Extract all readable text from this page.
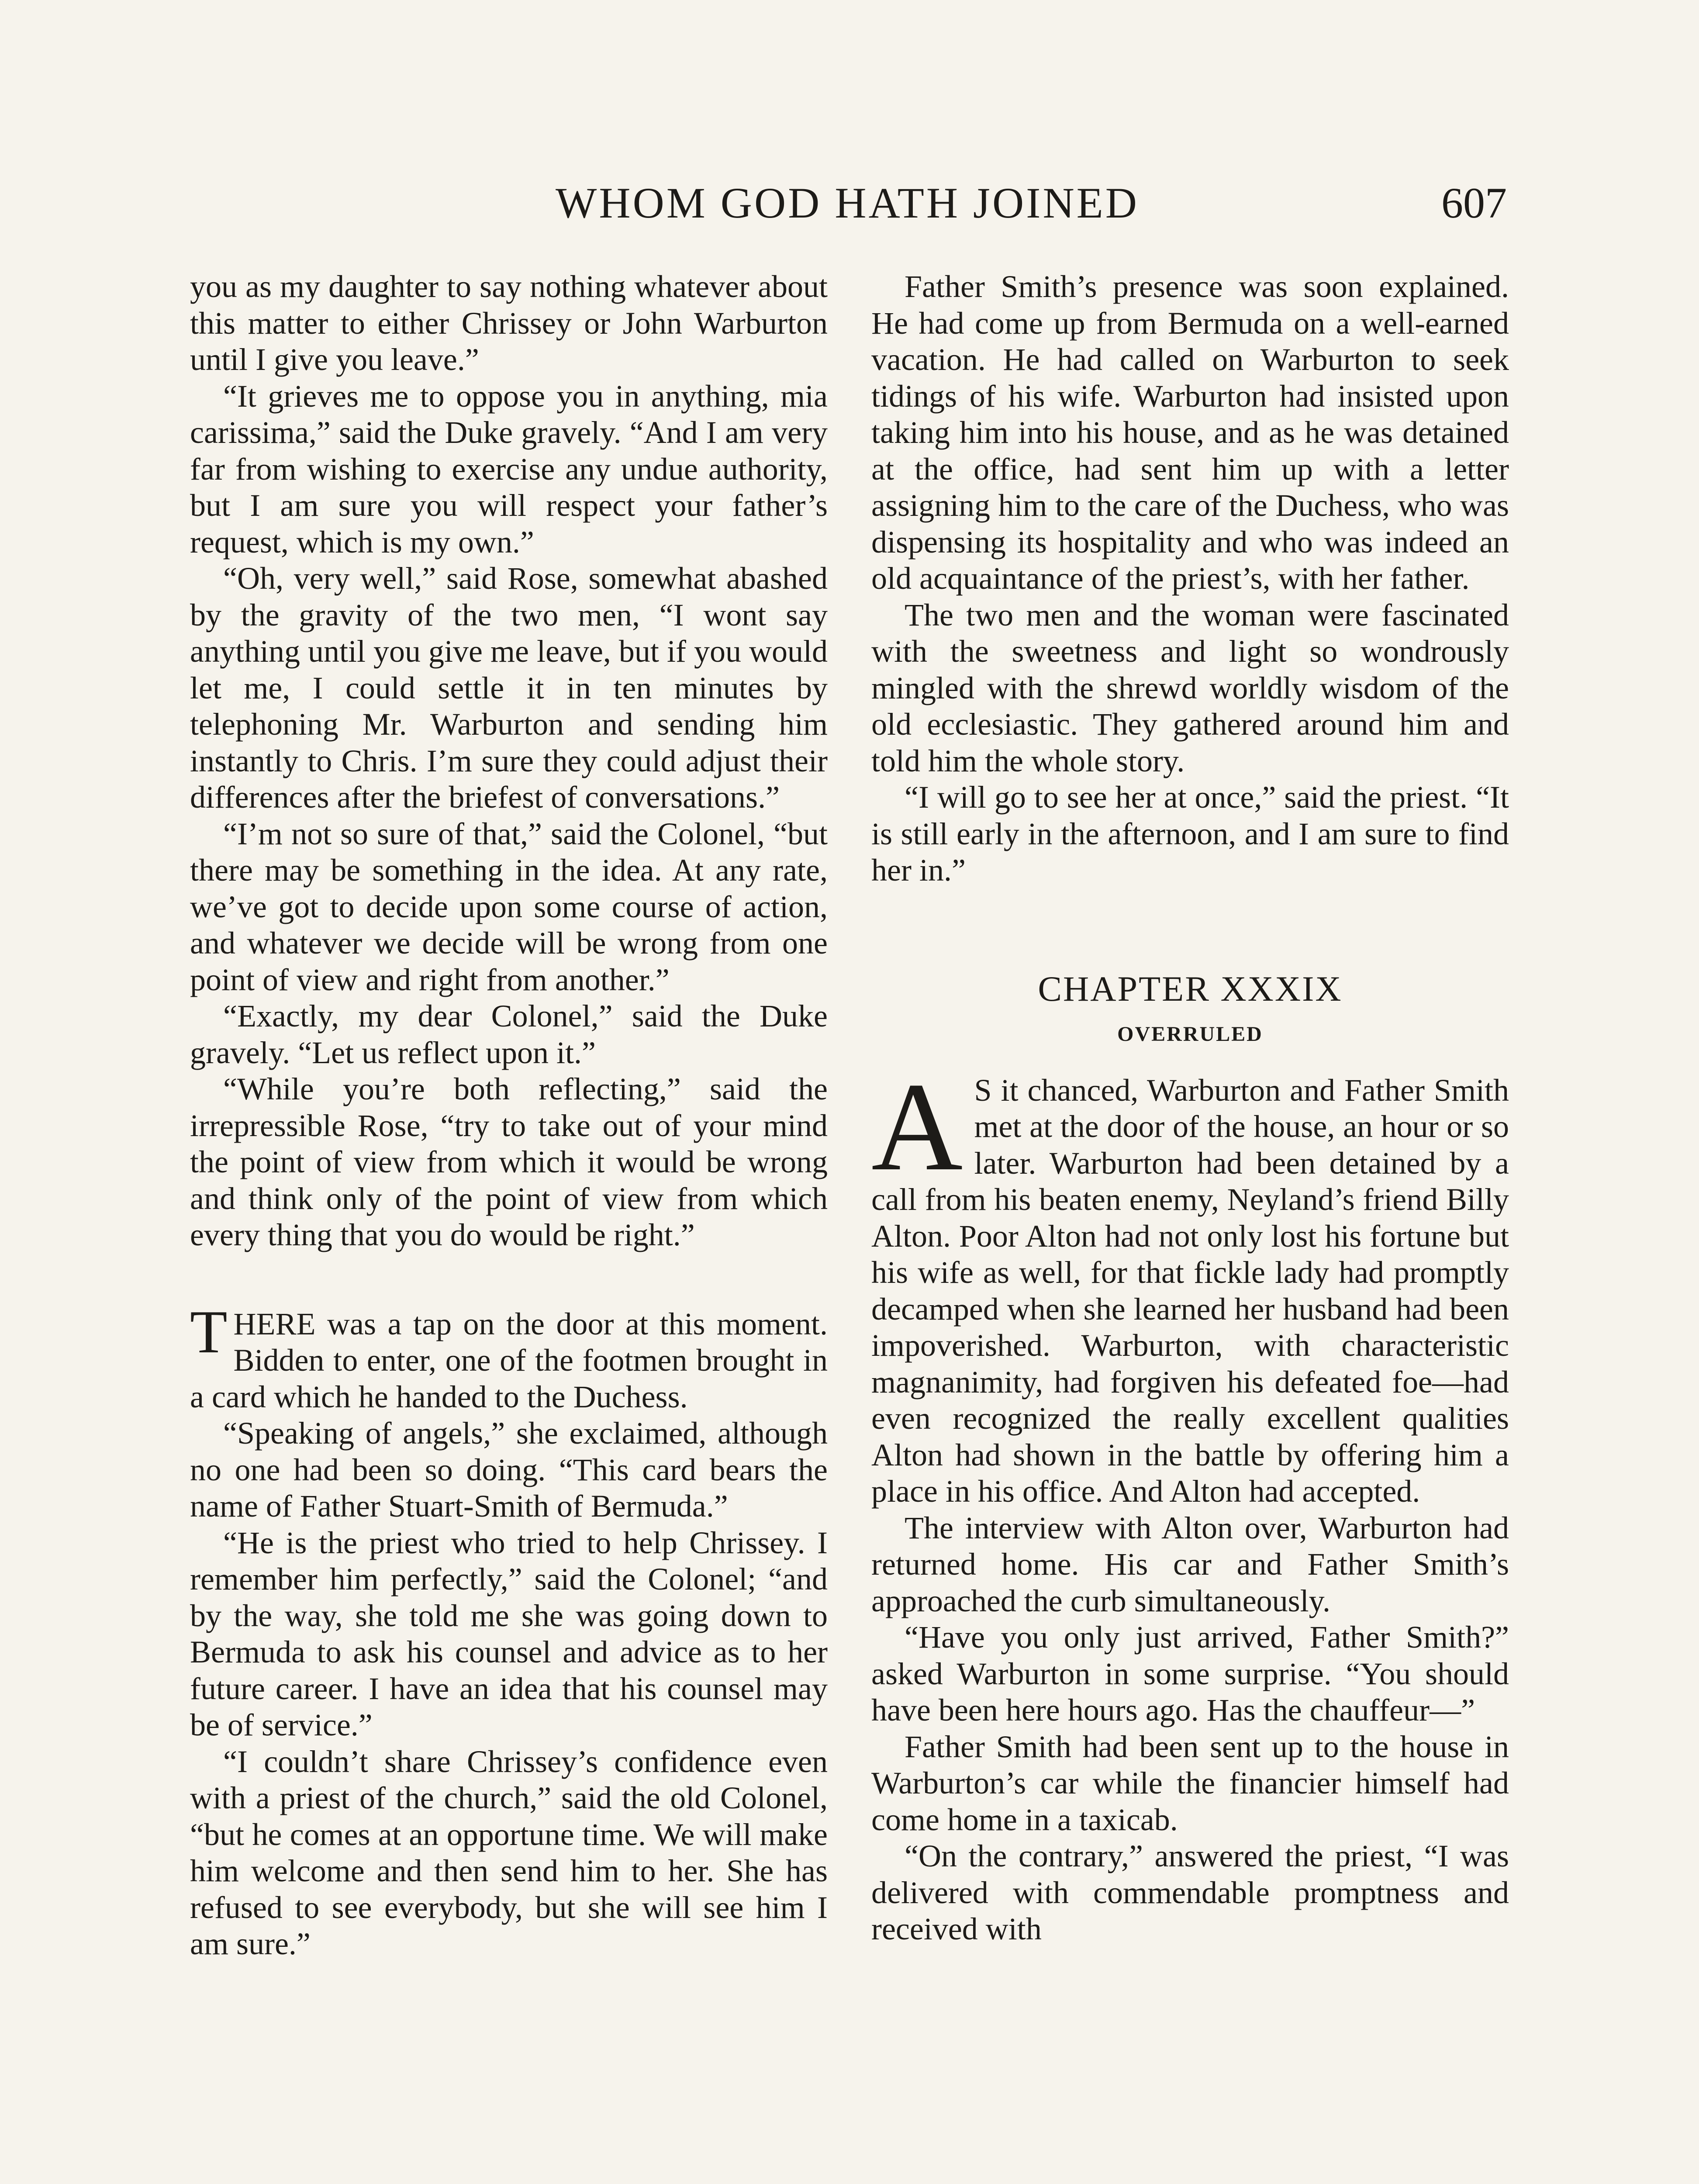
WHOM GOD HATH JOINED	607

you as my daughter to say nothing whatever about this matter to either Chrissey or John Warburton until I give you leave.”

“It grieves me to oppose you in anything, mia carissima,” said the Duke gravely. “And I am very far from wishing to exercise any undue authority, but I am sure you will respect your father’s request, which is my own.”

“Oh, very well,” said Rose, somewhat abashed by the gravity of the two men, “I wont say anything until you give me leave, but if you would let me, I could settle it in ten minutes by telephoning Mr. Warburton and sending him instantly to Chris. I’m sure they could adjust their differences after the briefest of conversations.”

“I’m not so sure of that,” said the Colonel, “but there may be something in the idea. At any rate, we’ve got to decide upon some course of action, and whatever we decide will be wrong from one point of view and right from another.”

“Exactly, my dear Colonel,” said the Duke gravely. “Let us reflect upon it.”

“While you’re both reflecting,” said the irrepressible Rose, “try to take out of your mind the point of view from which it would be wrong and think only of the point of view from which every thing that you do would be right.”

THERE was a tap on the door at this moment. Bidden to enter, one of the footmen brought in a card which he handed to the Duchess.

“Speaking of angels,” she exclaimed, although no one had been so doing. “This card bears the name of Father Stuart-Smith of Bermuda.”

“He is the priest who tried to help Chrissey. I remember him perfectly,” said the Colonel; “and by the way, she told me she was going down to Bermuda to ask his counsel and advice as to her future career. I have an idea that his counsel may be of service.”

“I couldn’t share Chrissey’s confidence even with a priest of the church,” said the old Colonel, “but he comes at an opportune time. We will make him welcome and then send him to her. She has refused to see everybody, but she will see him I am sure.”

Father Smith’s presence was soon explained. He had come up from Bermuda on a well-earned vacation. He had called on Warburton to seek tidings of his wife. Warburton had insisted upon taking him into his house, and as he was detained at the office, had sent him up with a letter assigning him to the care of the Duchess, who was dispensing its hospitality and who was indeed an old acquaintance of the priest’s, with her father.

The two men and the woman were fascinated with the sweetness and light so wondrously mingled with the shrewd worldly wisdom of the old ecclesiastic. They gathered around him and told him the whole story.

“I will go to see her at once,” said the priest. “It is still early in the afternoon, and I am sure to find her in.”

CHAPTER XXXIX
OVERRULED
A S it chanced, Warburton and Father Smith met at the door of the house, an hour or so later. Warburton had been detained by a call from his beaten enemy, Neyland’s friend Billy Alton. Poor Alton had not only lost his fortune but his wife as well, for that fickle lady had promptly decamped when she learned her husband had been impoverished. Warburton, with characteristic magnanimity, had forgiven his defeated foe—had even recognized the really excellent qualities Alton had shown in the battle by offering him a place in his office. And Alton had accepted.

The interview with Alton over, Warburton had returned home. His car and Father Smith’s approached the curb simultaneously.

“Have you only just arrived, Father Smith?” asked Warburton in some surprise. “You should have been here hours ago. Has the chauffeur—”

Father Smith had been sent up to the house in Warburton’s car while the financier himself had come home in a taxicab.

“On the contrary,” answered the priest, “I was delivered with commendable promptness and received with
